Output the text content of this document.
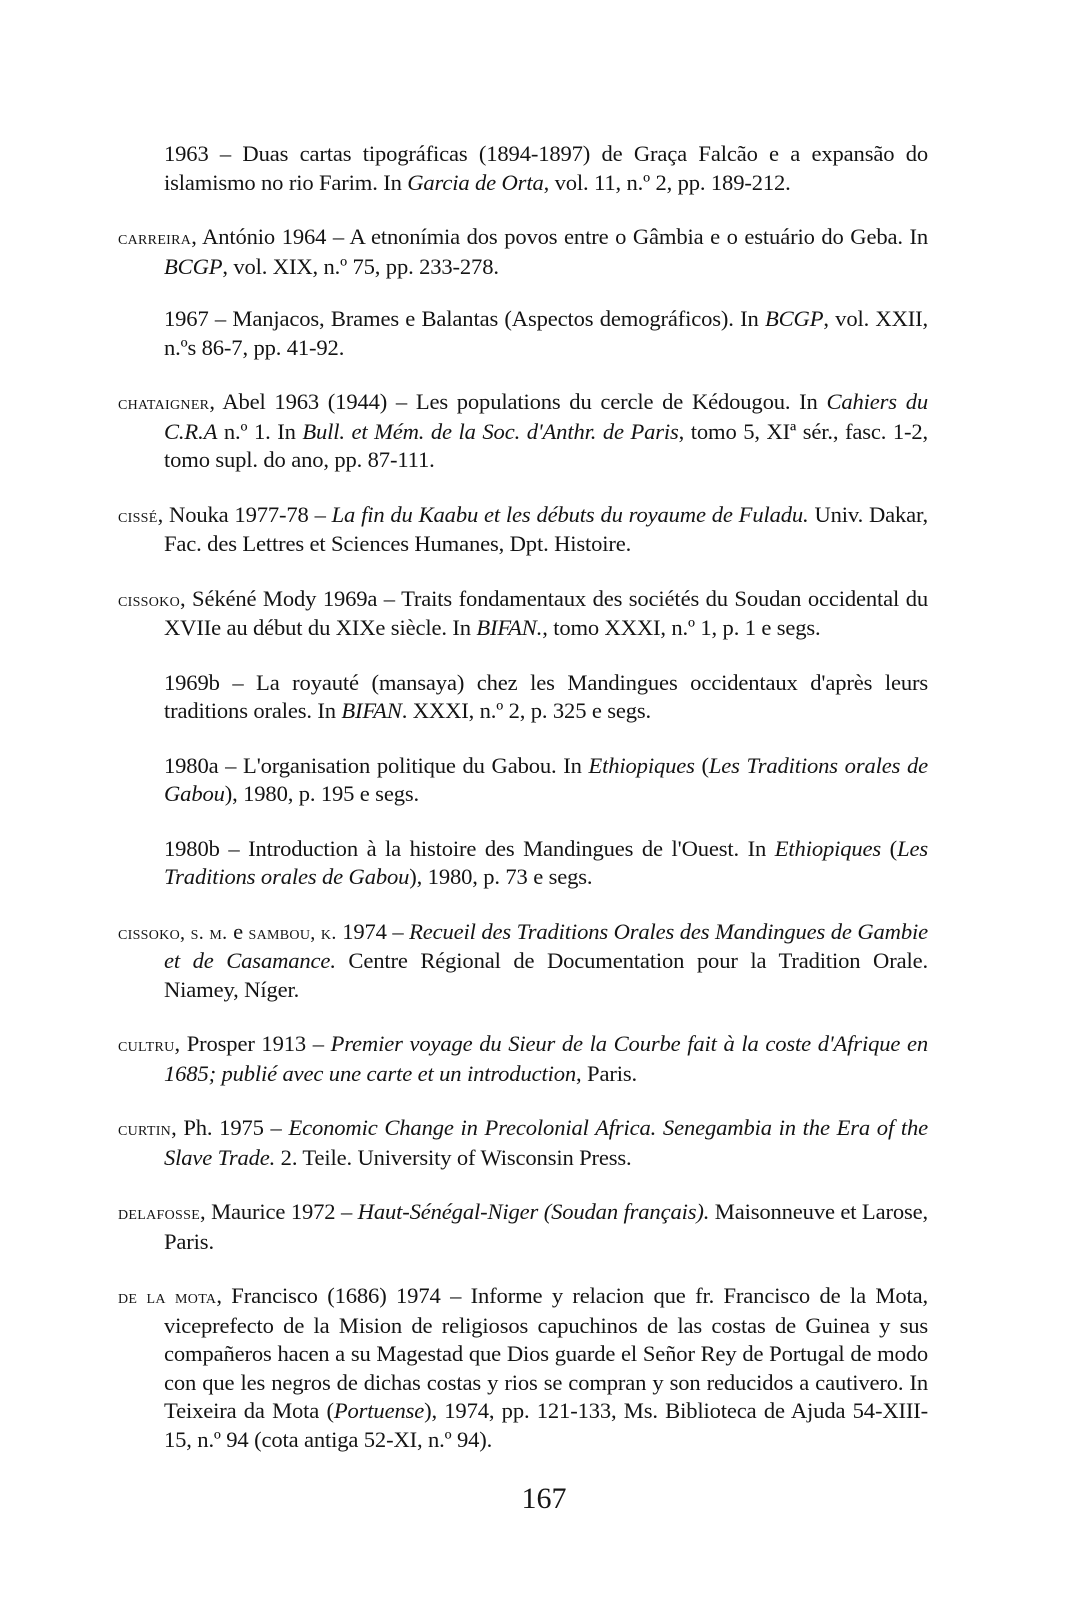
1963 – Duas cartas tipográficas (1894-1897) de Graça Falcão e a expansão do islamismo no rio Farim. In Garcia de Orta, vol. 11, n.º 2, pp. 189-212.
carreira, António 1964 – A etnonímia dos povos entre o Gâmbia e o estuário do Geba. In BCGP, vol. XIX, n.º 75, pp. 233-278.
1967 – Manjacos, Brames e Balantas (Aspectos demográficos). In BCGP, vol. XXII, n.ºs 86-7, pp. 41-92.
chataigner, Abel 1963 (1944) – Les populations du cercle de Kédougou. In Cahiers du C.R.A n.º 1. In Bull. et Mém. de la Soc. d'Anthr. de Paris, tomo 5, XIª sér., fasc. 1-2, tomo supl. do ano, pp. 87-111.
cissé, Nouka 1977-78 – La fin du Kaabu et les débuts du royaume de Fuladu. Univ. Dakar, Fac. des Lettres et Sciences Humanes, Dpt. Histoire.
cissoko, Sékéné Mody 1969a – Traits fondamentaux des sociétés du Soudan occidental du XVIIe au début du XIXe siècle. In BIFAN., tomo XXXI, n.º 1, p. 1 e segs.
1969b – La royauté (mansaya) chez les Mandingues occidentaux d'après leurs traditions orales. In BIFAN. XXXI, n.º 2, p. 325 e segs.
1980a – L'organisation politique du Gabou. In Ethiopiques (Les Traditions orales de Gabou), 1980, p. 195 e segs.
1980b – Introduction à la histoire des Mandingues de l'Ouest. In Ethiopiques (Les Traditions orales de Gabou), 1980, p. 73 e segs.
cissoko, s. m. e sambou, k. 1974 – Recueil des Traditions Orales des Mandingues de Gambie et de Casamance. Centre Régional de Documentation pour la Tradition Orale. Niamey, Níger.
cultru, Prosper 1913 – Premier voyage du Sieur de la Courbe fait à la coste d'Afrique en 1685; publié avec une carte et un introduction, Paris.
curtin, Ph. 1975 – Economic Change in Precolonial Africa. Senegambia in the Era of the Slave Trade. 2. Teile. University of Wisconsin Press.
delafosse, Maurice 1972 – Haut-Sénégal-Niger (Soudan français). Maisonneuve et Larose, Paris.
de la mota, Francisco (1686) 1974 – Informe y relacion que fr. Francisco de la Mota, viceprefecto de la Mision de religiosos capuchinos de las costas de Guinea y sus compañeros hacen a su Magestad que Dios guarde el Señor Rey de Portugal de modo con que les negros de dichas costas y rios se compran y son reducidos a cautivero. In Teixeira da Mota (Portuense), 1974, pp. 121-133, Ms. Biblioteca de Ajuda 54-XIII-15, n.º 94 (cota antiga 52-XI, n.º 94).
167
